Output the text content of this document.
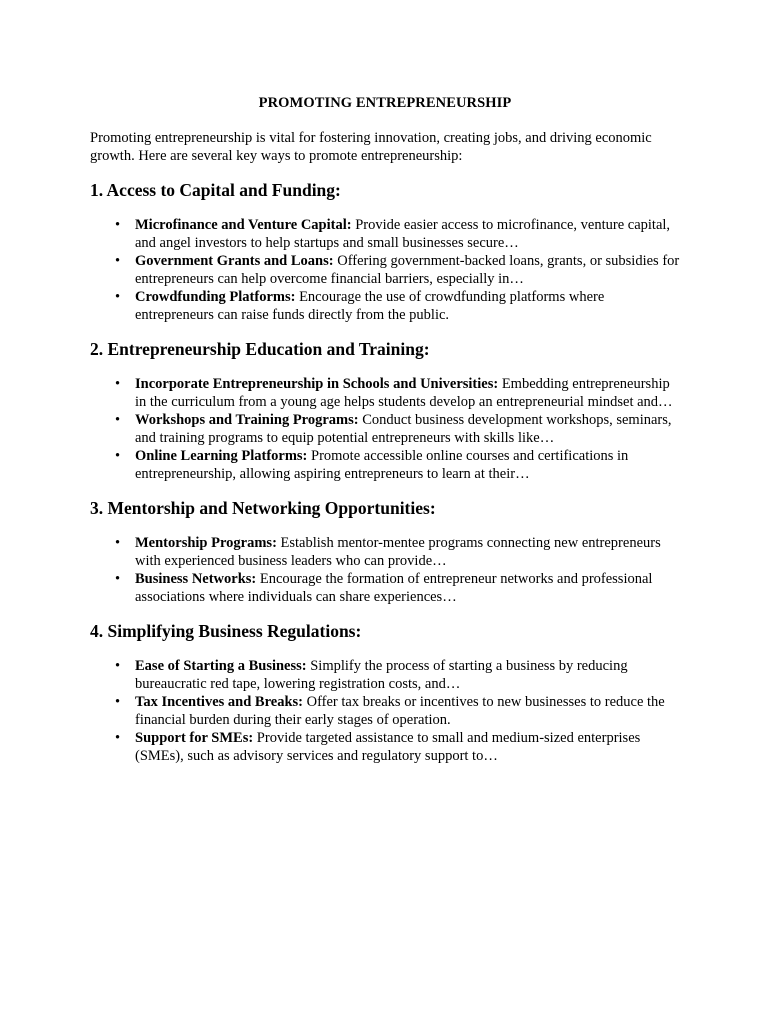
PROMOTING ENTREPRENEURSHIP

Promoting entrepreneurship is vital for fostering innovation, creating jobs, and driving economic growth. Here are several key ways to promote entrepreneurship:

1. Access to Capital and Funding:
• Microfinance and Venture Capital: Provide easier access to microfinance, venture capital, and angel investors to help startups and small businesses secure…
• Government Grants and Loans: Offering government-backed loans, grants, or subsidies for entrepreneurs can help overcome financial barriers, especially in…
• Crowdfunding Platforms: Encourage the use of crowdfunding platforms where entrepreneurs can raise funds directly from the public.
2. Entrepreneurship Education and Training:
• Incorporate Entrepreneurship in Schools and Universities: Embedding entrepreneurship in the curriculum from a young age helps students develop an entrepreneurial mindset and…
• Workshops and Training Programs: Conduct business development workshops, seminars, and training programs to equip potential entrepreneurs with skills like…
• Online Learning Platforms: Promote accessible online courses and certifications in entrepreneurship, allowing aspiring entrepreneurs to learn at their…
3. Mentorship and Networking Opportunities:
• Mentorship Programs: Establish mentor-mentee programs connecting new entrepreneurs with experienced business leaders who can provide…
• Business Networks: Encourage the formation of entrepreneur networks and professional associations where individuals can share experiences…
4. Simplifying Business Regulations:
• Ease of Starting a Business: Simplify the process of starting a business by reducing bureaucratic red tape, lowering registration costs, and…
• Tax Incentives and Breaks: Offer tax breaks or incentives to new businesses to reduce the financial burden during their early stages of operation.
• Support for SMEs: Provide targeted assistance to small and medium-sized enterprises (SMEs), such as advisory services and regulatory support to…
